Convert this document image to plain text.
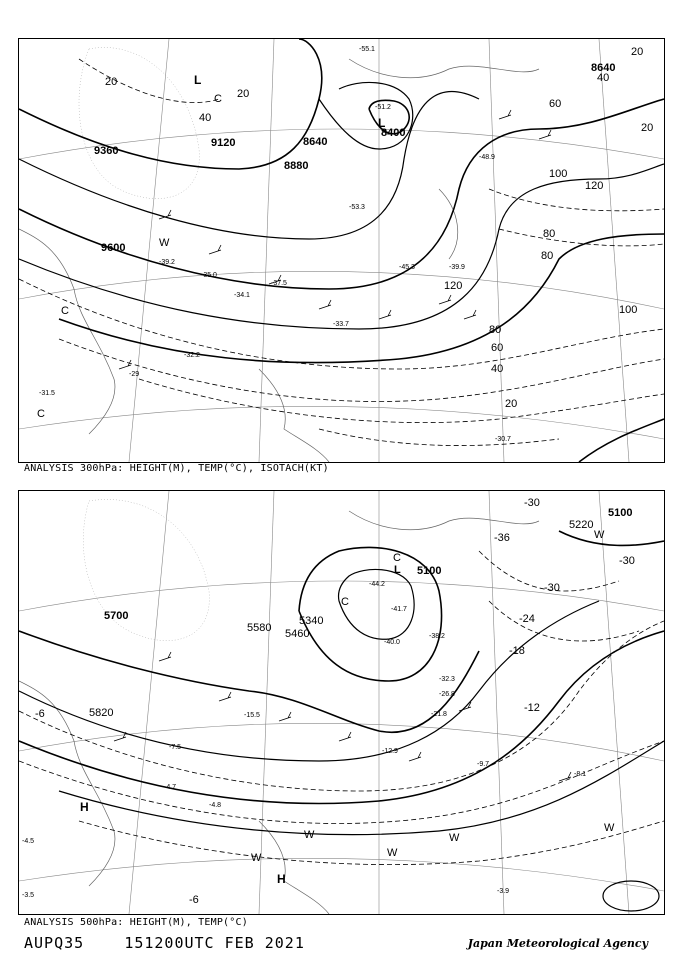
9360
9120	8640
8880
8400
9600
8640
20
20
40
20
40
60
20
100
120
80
80
100
120
80
60
40
20
L
L
C
C
C
W
-55.1
-51.2
-48.9
-53.3
-39.2
-45.3	-39.9
-34.1
-32.2
-31.5
-29
-30.7
-33.7
-37.5
-35.0
ANALYSIS 300hPa: HEIGHT(M), TEMP(°C), ISOTACH(KT)
5700
5820
5580 5460
5340
5100
5220
5100
-30
-36
-30
-24
-30
-18
-12
-6
-6
L
C
C
W
H
H
W
W
W
W
W
-44.2
-41.7
-40.0
-38.2
-32.3
-26.8
-21.8
-15.5
-12.9
-9.7
-8.1
-7.5
-4.7
-4.8
-3.9
-4.5
-3.5
ANALYSIS 500hPa: HEIGHT(M), TEMP(°C)
AUPQ35	151200UTC FEB 2021	Japan Meteorological Agency
